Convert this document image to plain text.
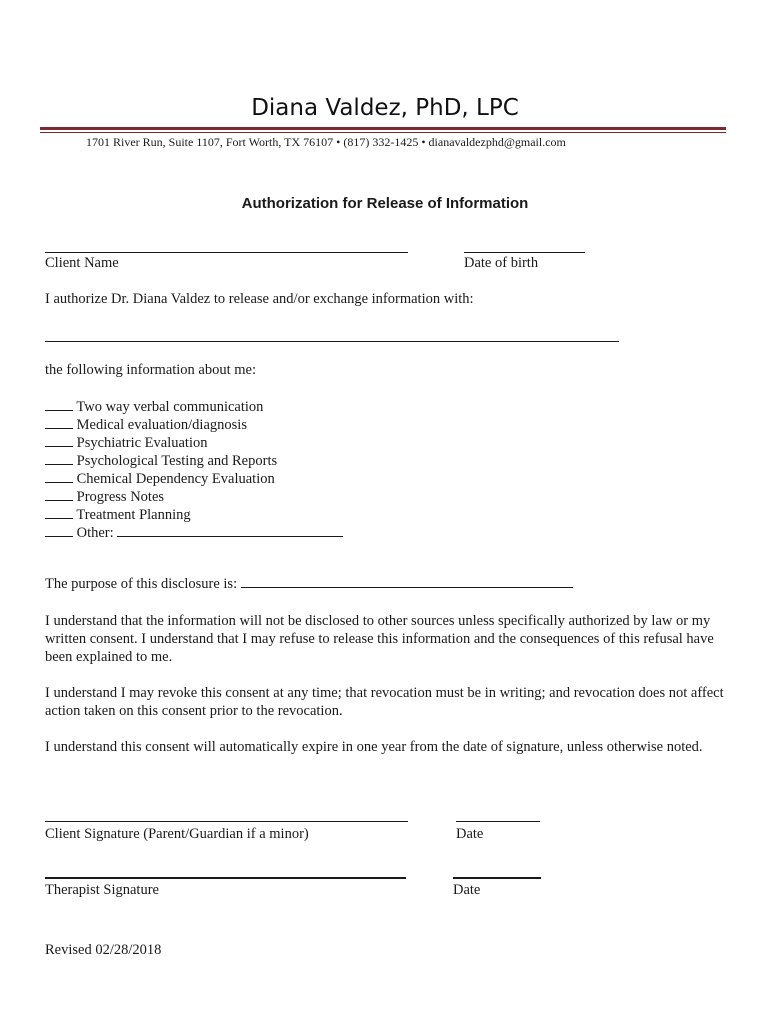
Diana Valdez, PhD, LPC
1701 River Run, Suite 1107, Fort Worth, TX 76107 • (817) 332-1425 • dianavaldezphd@gmail.com
Authorization for Release of Information
Client Name	Date of birth
I authorize Dr. Diana Valdez to release and/or exchange information with:
the following information about me:
Two way verbal communication
Medical evaluation/diagnosis
Psychiatric Evaluation
Psychological Testing and Reports
Chemical Dependency Evaluation
Progress Notes
Treatment Planning
Other:
The purpose of this disclosure is:
I understand that the information will not be disclosed to other sources unless specifically authorized by law or my written consent. I understand that I may refuse to release this information and the consequences of this refusal have been explained to me.
I understand I may revoke this consent at any time; that revocation must be in writing; and revocation does not affect action taken on this consent prior to the revocation.
I understand this consent will automatically expire in one year from the date of signature, unless otherwise noted.
Client Signature (Parent/Guardian if a minor)	Date
Therapist Signature	Date
Revised 02/28/2018
